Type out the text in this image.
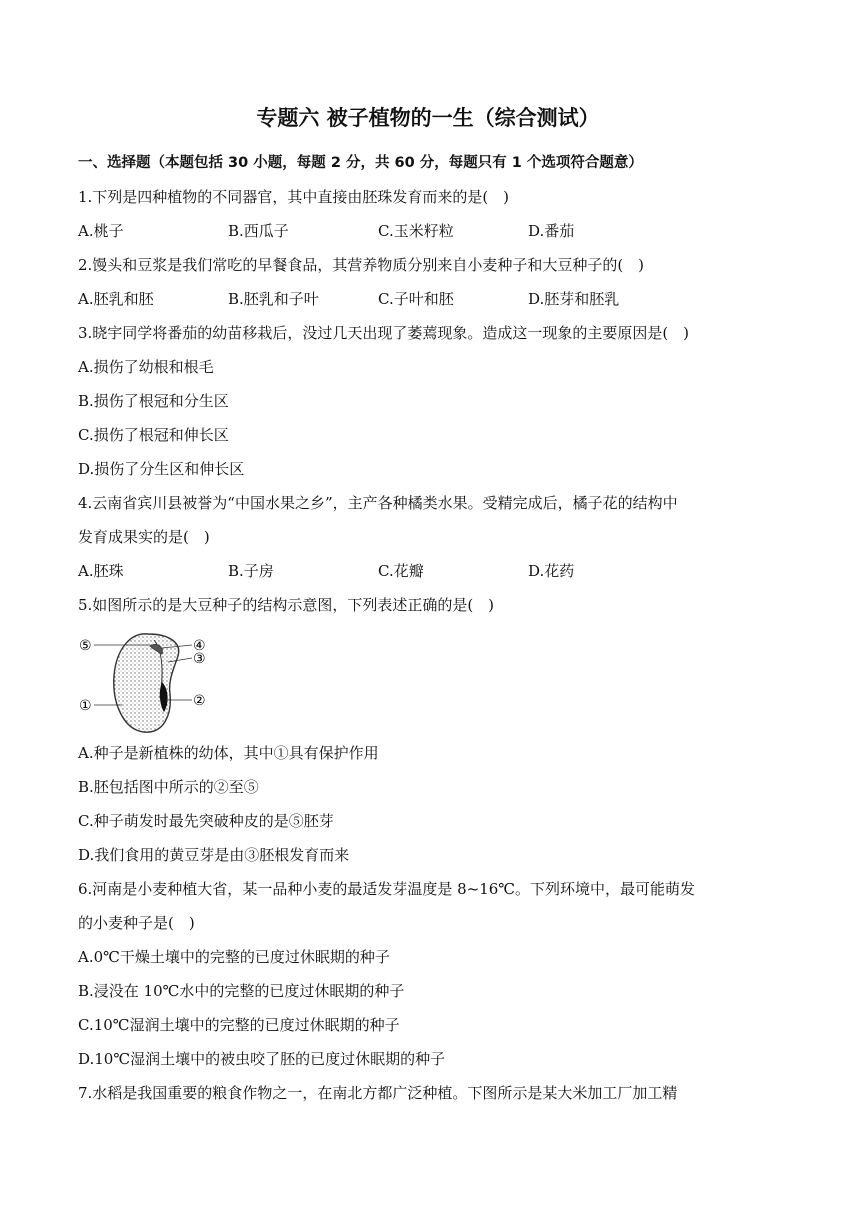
专题六 被子植物的一生（综合测试）
一、选择题（本题包括 30 小题，每题 2 分，共 60 分，每题只有 1 个选项符合题意）
1.下列是四种植物的不同器官，其中直接由胚珠发育而来的是(　)
A.桃子	B.西瓜子	C.玉米籽粒	D.番茄
2.馒头和豆浆是我们常吃的早餐食品，其营养物质分别来自小麦种子和大豆种子的(　)
A.胚乳和胚	B.胚乳和子叶	C.子叶和胚	D.胚芽和胚乳
3.晓宇同学将番茄的幼苗移栽后，没过几天出现了萎蔫现象。造成这一现象的主要原因是(　)
A.损伤了幼根和根毛
B.损伤了根冠和分生区
C.损伤了根冠和伸长区
D.损伤了分生区和伸长区
4.云南省宾川县被誉为“中国水果之乡”，主产各种橘类水果。受精完成后，橘子花的结构中
发育成果实的是(　)
A.胚珠	B.子房	C.花瓣	D.花药
5.如图所示的是大豆种子的结构示意图，下列表述正确的是(　)
⑤	④
③
①	②
A.种子是新植株的幼体，其中①具有保护作用
B.胚包括图中所示的②至⑤
C.种子萌发时最先突破种皮的是⑤胚芽
D.我们食用的黄豆芽是由③胚根发育而来
6.河南是小麦种植大省，某一品种小麦的最适发芽温度是 8~16℃。下列环境中，最可能萌发
的小麦种子是(　)
A.0℃干燥土壤中的完整的已度过休眠期的种子
B.浸没在 10℃水中的完整的已度过休眠期的种子
C.10℃湿润土壤中的完整的已度过休眠期的种子
D.10℃湿润土壤中的被虫咬了胚的已度过休眠期的种子
7.水稻是我国重要的粮食作物之一，在南北方都广泛种植。下图所示是某大米加工厂加工精
